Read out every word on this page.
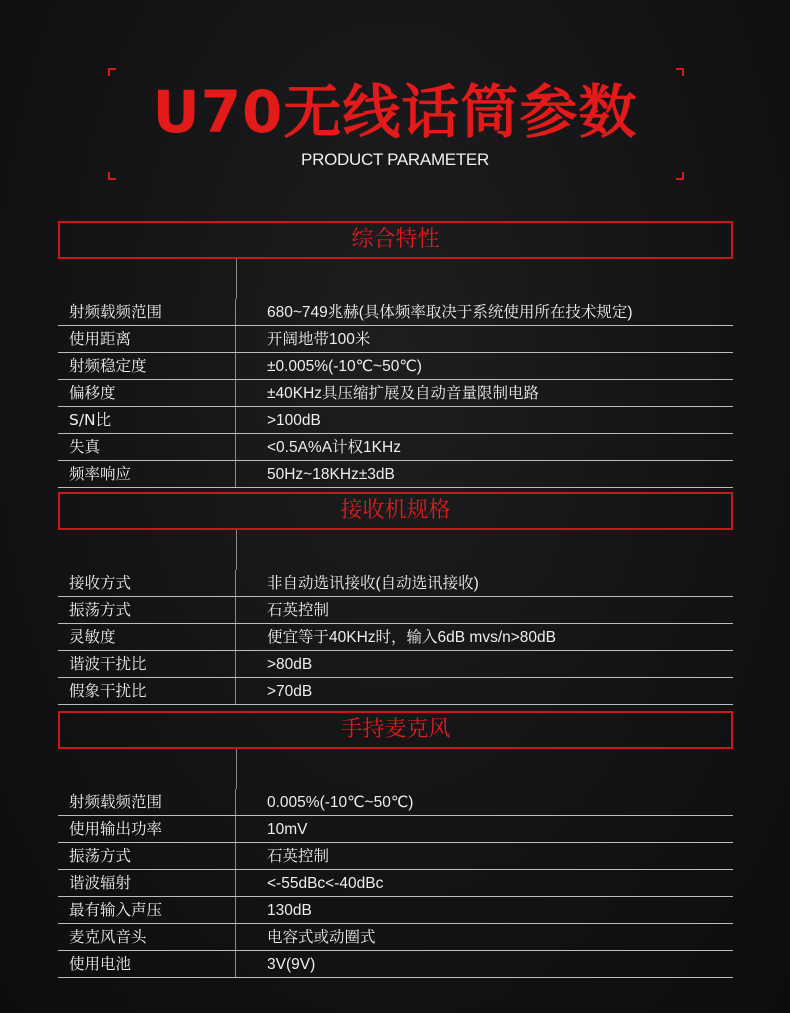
U70无线话筒参数
PRODUCT PARAMETER
综合特性
射频载频范围	680~749兆赫(具体频率取决于系统使用所在技术规定)
使用距离	开阔地带100米
射频稳定度	±0.005%(-10℃~50℃)
偏移度	±40KHz具压缩扩展及自动音量限制电路
S/N比	>100dB
失真	<0.5A%A计权1KHz
频率响应	50Hz~18KHz±3dB
接收机规格
接收方式	非自动选讯接收(自动选讯接收)
振荡方式	石英控制
灵敏度	便宜等于40KHz时，输入6dB mvs/n>80dB
谐波干扰比	>80dB
假象干扰比	>70dB
手持麦克风
射频载频范围	0.005%(-10℃~50℃)
使用输出功率	10mV
振荡方式	石英控制
谐波辐射	<-55dBc<-40dBc
最有输入声压	130dB
麦克风音头	电容式或动圈式
使用电池	3V(9V)
